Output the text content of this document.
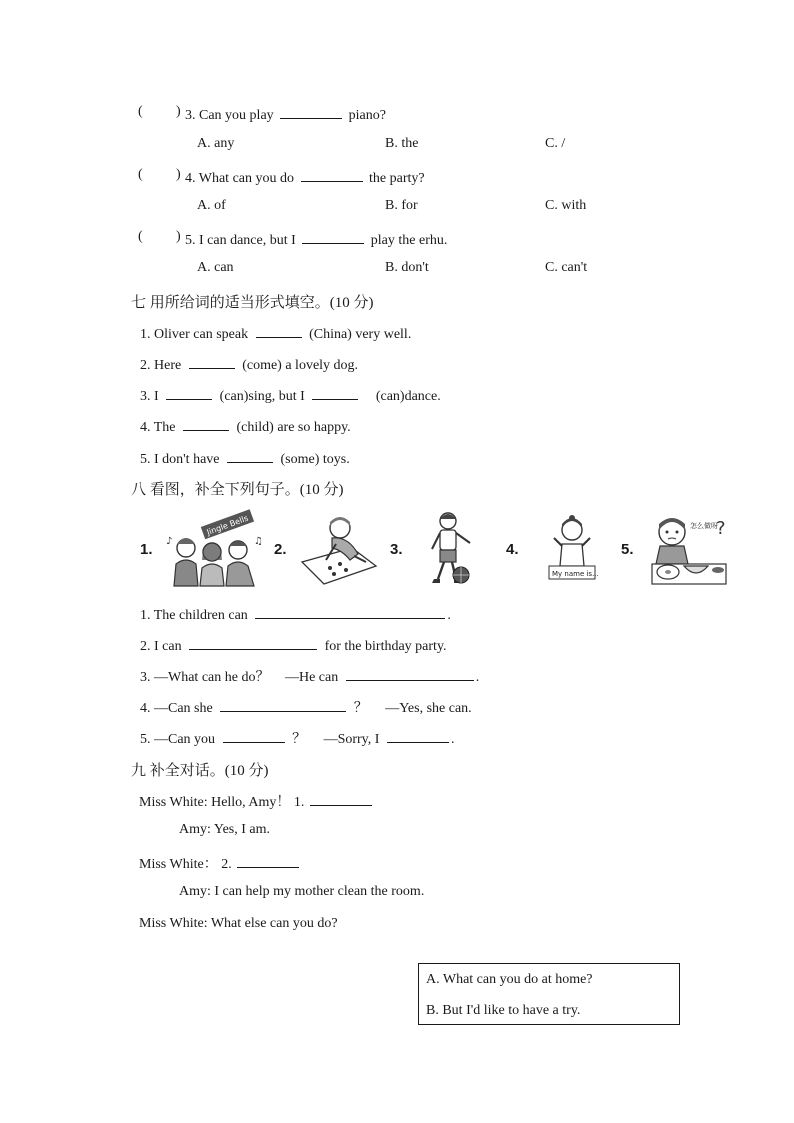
( ) 3. Can you play	piano?
A. any	B. the	C. /
( ) 4. What can you do	the party?
A. of	B. for	C. with
( ) 5. I can dance, but I	play the erhu.
A. can	B. don't	C. can't
七 用所给词的适当形式填空。(10 分)
1. Oliver can speak	(China) very well.
2. Here	(come) a lovely dog.
3. I	(can)sing, but I	(can)dance.
4. The	(child) are so happy.
5. I don't have	(some) toys.
八 看图，补全下列句子。(10 分)
1.
Jingle Bells
♪	♫ 2.	3.	4.
My name is...
5.
怎么做呀
?
1. The children can	.
2. I can	for the birthday party.
3. —What can he do？ —He can	.
4. —Can she	？ —Yes, she can.
5. —Can you	？ —Sorry, I	.
九 补全对话。(10 分)
Miss White: Hello, Amy！ 1.
Amy: Yes, I am.
Miss White： 2.
Amy: I can help my mother clean the room.
Miss White: What else can you do?
A. What can you do at home?
B. But I'd like to have a try.
